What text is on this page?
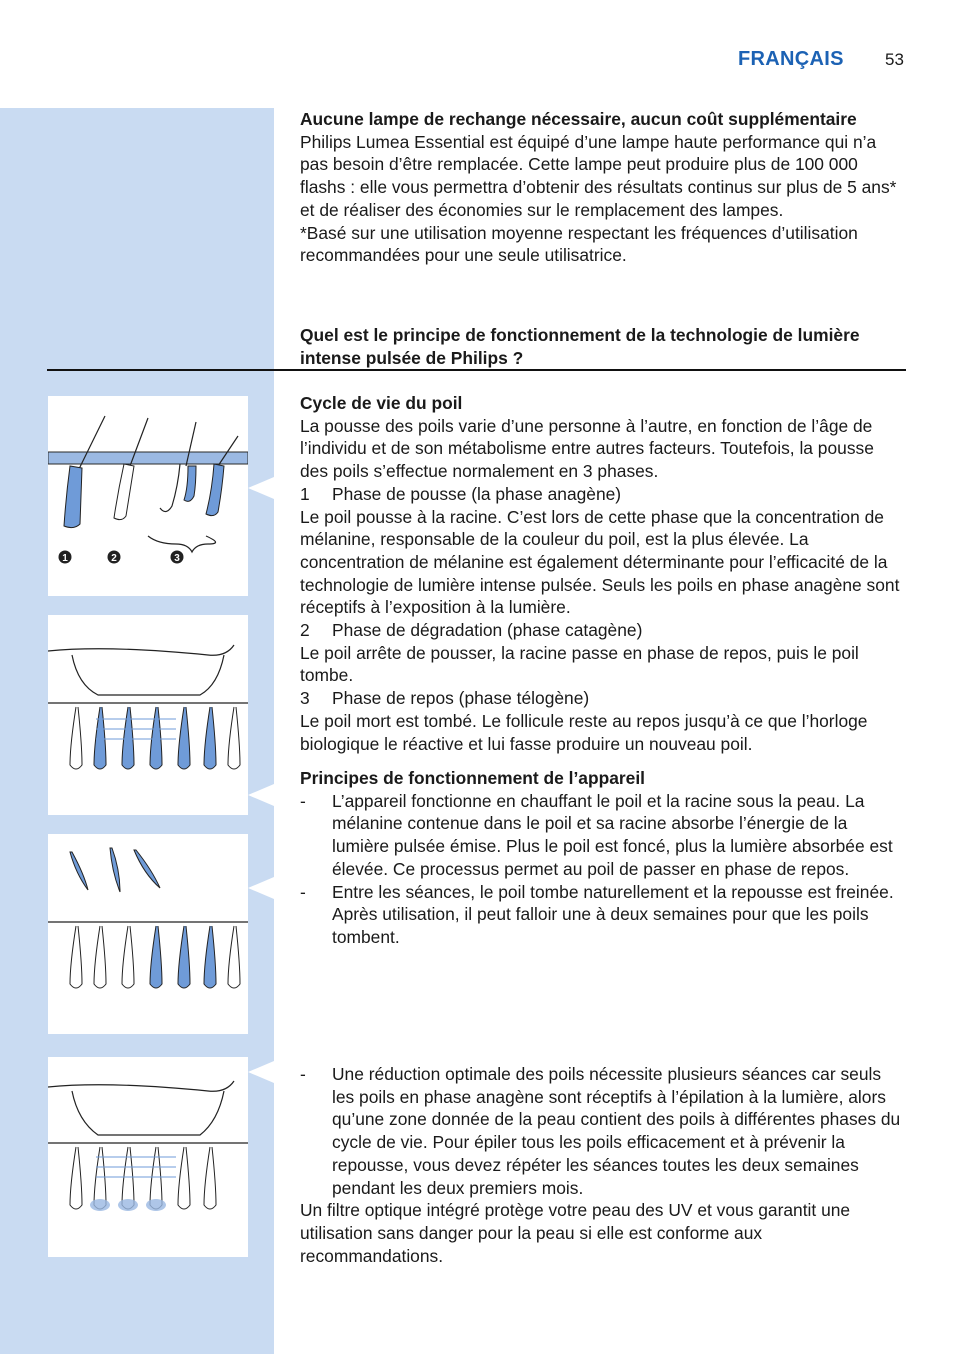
FRANÇAIS 53

Aucune lampe de rechange nécessaire, aucun coût supplémentaire

Philips Lumea Essential est équipé d’une lampe haute performance qui n’a pas besoin d’être remplacée. Cette lampe peut produire plus de 100 000 flashs : elle vous permettra d’obtenir des résultats continus sur plus de 5 ans* et de réaliser des économies sur le remplacement des lampes.

*Basé sur une utilisation moyenne respectant les fréquences d’utilisation recommandées pour une seule utilisatrice.

Quel est le principe de fonctionnement de la technologie de lumière intense pulsée de Philips ?

Cycle de vie du poil

La pousse des poils varie d’une personne à l’autre, en fonction de l’âge de l’individu et de son métabolisme entre autres facteurs. Toutefois, la pousse des poils s’effectue normalement en 3 phases.

1	Phase de pousse (la phase anagène)

Le poil pousse à la racine. C’est lors de cette phase que la concentration de mélanine, responsable de la couleur du poil, est la plus élevée. La concentration de mélanine est également déterminante pour l’efficacité de la technologie de lumière intense pulsée. Seuls les poils en phase anagène sont réceptifs à l’exposition à la lumière.

2	Phase de dégradation (phase catagène)

Le poil arrête de pousser, la racine passe en phase de repos, puis le poil tombe.

3	Phase de repos (phase télogène)

Le poil mort est tombé. Le follicule reste au repos jusqu’à ce que l’horloge biologique le réactive et lui fasse produire un nouveau poil.

Principes de fonctionnement de l’appareil

-	L’appareil fonctionne en chauffant le poil et la racine sous la peau. La mélanine contenue dans le poil et sa racine absorbe l’énergie de la lumière pulsée émise. Plus le poil est foncé, plus la lumière absorbée est élevée. Ce processus permet au poil de passer en phase de repos.
-	Entre les séances, le poil tombe naturellement et la repousse est freinée. Après utilisation, il peut falloir une à deux semaines pour que les poils tombent.
-	Une réduction optimale des poils nécessite plusieurs séances car seuls les poils en phase anagène sont réceptifs à l’épilation à la lumière, alors qu’une zone donnée de la peau contient des poils à différentes phases du cycle de vie. Pour épiler tous les poils efficacement et à prévenir la repousse, vous devez répéter les séances toutes les deux semaines pendant les deux premiers mois.

Un filtre optique intégré protège votre peau des UV et vous garantit une utilisation sans danger pour la peau si elle est conforme aux recommandations.

1	2	3
